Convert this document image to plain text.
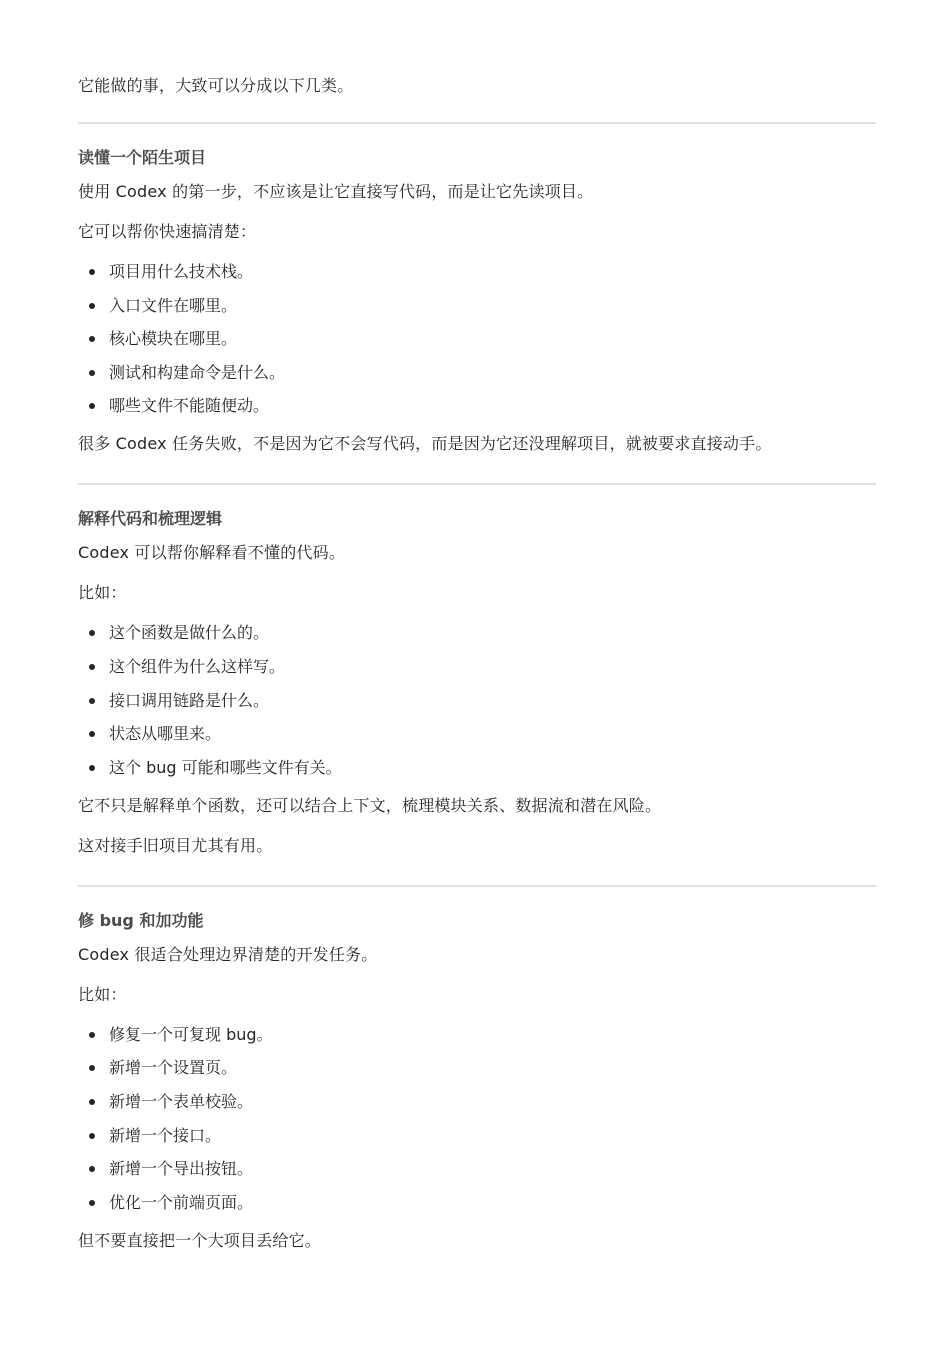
它能做的事，大致可以分成以下几类。

读懂一个陌生项目

使用 Codex 的第一步，不应该是让它直接写代码，而是让它先读项目。

它可以帮你快速搞清楚：

项目用什么技术栈。
入口文件在哪里。
核心模块在哪里。
测试和构建命令是什么。
哪些文件不能随便动。

很多 Codex 任务失败，不是因为它不会写代码，而是因为它还没理解项目，就被要求直接动手。

解释代码和梳理逻辑

Codex 可以帮你解释看不懂的代码。

比如：

这个函数是做什么的。
这个组件为什么这样写。
接口调用链路是什么。
状态从哪里来。
这个 bug 可能和哪些文件有关。

它不只是解释单个函数，还可以结合上下文，梳理模块关系、数据流和潜在风险。

这对接手旧项目尤其有用。

修 bug 和加功能

Codex 很适合处理边界清楚的开发任务。

比如：

修复一个可复现 bug。
新增一个设置页。
新增一个表单校验。
新增一个接口。
新增一个导出按钮。
优化一个前端页面。

但不要直接把一个大项目丢给它。
